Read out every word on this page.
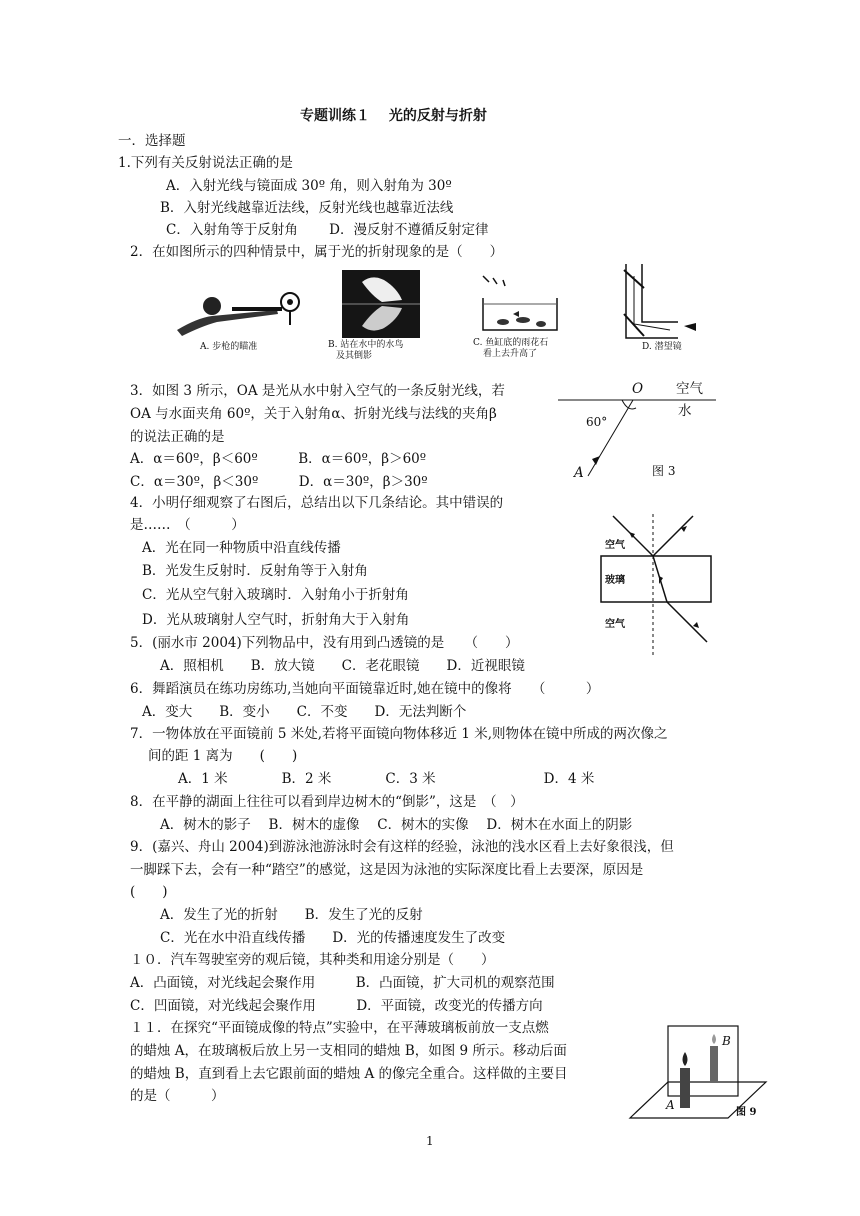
专题训练１　 光的反射与折射
一．选择题
1.下列有关反射说法正确的是
A．入射光线与镜面成 30º 角，则入射角为 30º
B．入射光线越靠近法线，反射光线也越靠近法线
C．入射角等于反射角　　 D．漫反射不遵循反射定律
2．在如图所示的四种情景中，属于光的折射现象的是（　　）
A. 步枪的瞄准	B. 站在水中的水鸟
及其倒影
C. 鱼缸底的雨花石
看上去升高了
D. 潜望镜
3．如图 3 所示，OA 是光从水中射入空气的一条反射光线，若
OA 与水面夹角 60º，关于入射角α、折射光线与法线的夹角β
的说法正确的是
A．α＝60º，β＜60º　　　B．α＝60º，β＞60º
C．α＝30º，β＜30º　　　D．α＝30º，β＞30º
O 空气
水
60°
A	图 3
4．小明仔细观察了右图后，总结出以下几条结论。其中错误的
是……　（　　　）
A．光在同一种物质中沿直线传播
B．光发生反射时．反射角等于入射角
C．光从空气射入玻璃时．入射角小于折射角
D．光从玻璃射人空气时，折射角大于入射角
空气
玻璃
空气
5．(丽水市 2004)下列物品中，没有用到凸透镜的是　　（　　）
A．照相机　　B．放大镜　　C．老花眼镜　　D．近视眼镜
6．舞蹈演员在练功房练功,当她向平面镜靠近时,她在镜中的像将　　（　　　）
A．变大　　B．变小　　C．不变　　D．无法判断个
7．一物体放在平面镜前 5 米处,若将平面镜向物体移近 1 米,则物体在镜中所成的两次像之
间的距 1 离为　　(　　)
A．1 米　　　　B．2 米　　　　C．3 米　　　　　　　　D．4 米
8．在平静的湖面上往往可以看到岸边树木的“倒影”，这是　（　）
A．树木的影子　 B．树木的虚像　 C．树木的实像　 D．树木在水面上的阴影
9．(嘉兴、舟山 2004)到游泳池游泳时会有这样的经验，泳池的浅水区看上去好象很浅，但
一脚踩下去，会有一种“踏空”的感觉，这是因为泳池的实际深度比看上去要深，原因是
(　　)
A．发生了光的折射　　B．发生了光的反射
C．光在水中沿直线传播　　D．光的传播速度发生了改变
１０．汽车驾驶室旁的观后镜，其种类和用途分别是（　　）
A．凸面镜，对光线起会聚作用　　　B．凸面镜，扩大司机的观察范围
C．凹面镜，对光线起会聚作用　　　D．平面镜，改变光的传播方向
１１．在探究“平面镜成像的特点”实验中，在平薄玻璃板前放一支点燃
的蜡烛 A，在玻璃板后放上另一支相同的蜡烛 B，如图 9 所示。移动后面
的蜡烛 B，直到看上去它跟前面的蜡烛 A 的像完全重合。这样做的主要目
的是（　　　）
B
A
图 9
1
